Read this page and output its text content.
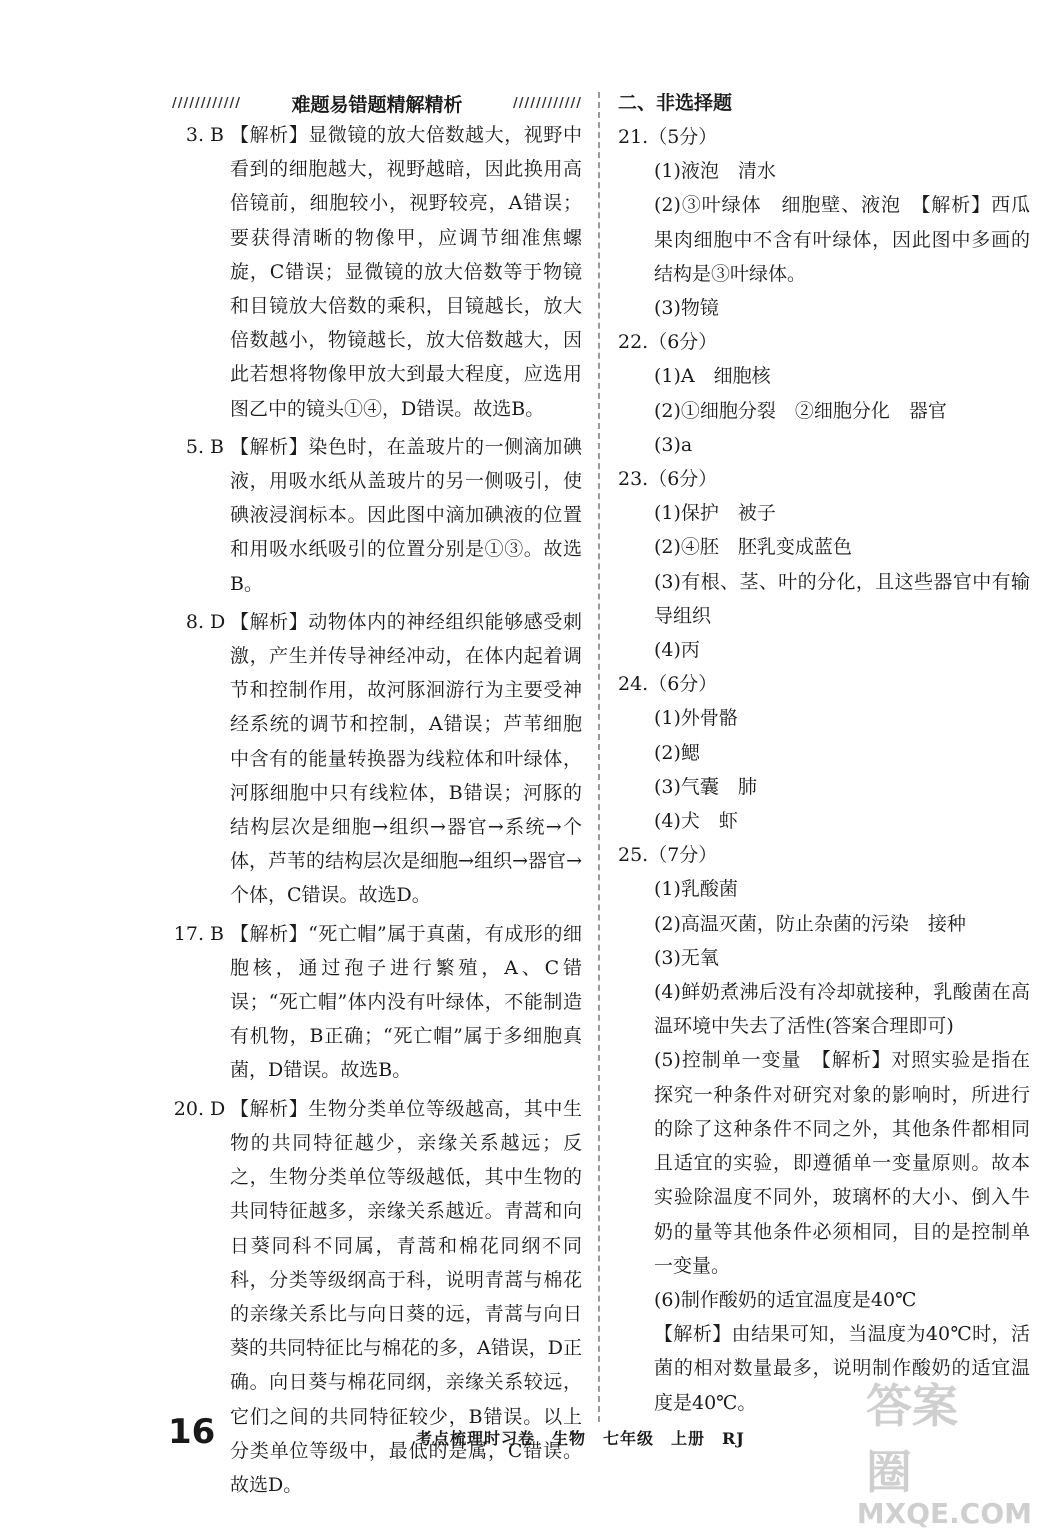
////////////	难题易错题精解精析	////////////
3. B 【解析】显微镜的放大倍数越大，视野中看到的细胞越大，视野越暗，因此换用高倍镜前，细胞较小，视野较亮，A错误；要获得清晰的物像甲，应调节细准焦螺旋，C错误；显微镜的放大倍数等于物镜和目镜放大倍数的乘积，目镜越长，放大倍数越小，物镜越长，放大倍数越大，因此若想将物像甲放大到最大程度，应选用图乙中的镜头①④，D错误。故选B。
5. B 【解析】染色时，在盖玻片的一侧滴加碘液，用吸水纸从盖玻片的另一侧吸引，使碘液浸润标本。因此图中滴加碘液的位置和用吸水纸吸引的位置分别是①③。故选B。
8. D 【解析】动物体内的神经组织能够感受刺激，产生并传导神经冲动，在体内起着调节和控制作用，故河豚洄游行为主要受神经系统的调节和控制，A错误；芦苇细胞中含有的能量转换器为线粒体和叶绿体，河豚细胞中只有线粒体，B错误；河豚的结构层次是细胞→组织→器官→系统→个体，芦苇的结构层次是细胞→组织→器官→个体，C错误。故选D。
17. B 【解析】“死亡帽”属于真菌，有成形的细胞核，通过孢子进行繁殖，A、C错误；“死亡帽”体内没有叶绿体，不能制造有机物，B正确；“死亡帽”属于多细胞真菌，D错误。故选B。
20. D 【解析】生物分类单位等级越高，其中生物的共同特征越少，亲缘关系越远；反之，生物分类单位等级越低，其中生物的共同特征越多，亲缘关系越近。青蒿和向日葵同科不同属，青蒿和棉花同纲不同科，分类等级纲高于科，说明青蒿与棉花的亲缘关系比与向日葵的远，青蒿与向日葵的共同特征比与棉花的多，A错误，D正确。向日葵与棉花同纲，亲缘关系较远，它们之间的共同特征较少，B错误。以上分类单位等级中，最低的是属，C错误。故选D。
二、非选择题
21.（5分）
(1)液泡　清水
(2)③叶绿体　细胞壁、液泡　【解析】西瓜果肉细胞中不含有叶绿体，因此图中多画的结构是③叶绿体。
(3)物镜
22.（6分）
(1)A　细胞核
(2)①细胞分裂　②细胞分化　器官
(3)a
23.（6分）
(1)保护　被子
(2)④胚　胚乳变成蓝色
(3)有根、茎、叶的分化，且这些器官中有输导组织
(4)丙
24.（6分）
(1)外骨骼
(2)鳃
(3)气囊　肺
(4)犬　虾
25.（7分）
(1)乳酸菌
(2)高温灭菌，防止杂菌的污染　接种
(3)无氧
(4)鲜奶煮沸后没有冷却就接种，乳酸菌在高温环境中失去了活性(答案合理即可)
(5)控制单一变量　【解析】对照实验是指在探究一种条件对研究对象的影响时，所进行的除了这种条件不同之外，其他条件都相同且适宜的实验，即遵循单一变量原则。故本实验除温度不同外，玻璃杯的大小、倒入牛奶的量等其他条件必须相同，目的是控制单一变量。
(6)制作酸奶的适宜温度是40℃
【解析】由结果可知，当温度为40℃时，活菌的相对数量最多，说明制作酸奶的适宜温度是40℃。
16	考点梳理时习卷　生物　七年级　上册　RJ
答案圈
MXQE.COM
